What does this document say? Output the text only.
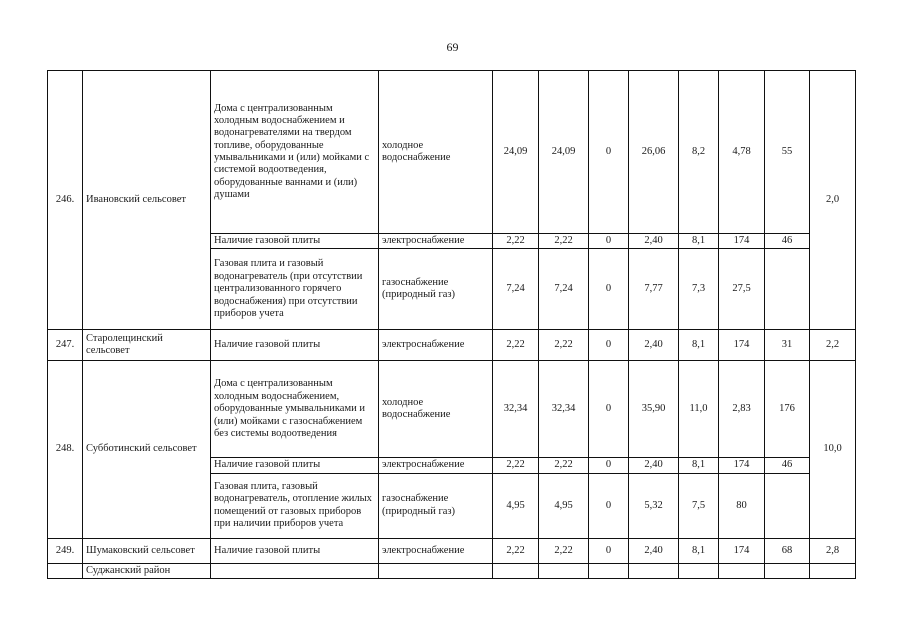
69
246.	Ивановский сельсовет	Дома с централизованным холодным водоснабжением и водонагревателями на твердом топливе, оборудованные умывальниками и (или) мойками с системой водоотведения, оборудованные ваннами и (или) душами	холодное водоснабжение	24,09	24,09	0	26,06	8,2	4,78	55	2,0
		Наличие газовой плиты	электроснабжение	2,22	2,22	0	2,40	8,1	174	46	
		Газовая плита и газовый водонагреватель (при отсутствии централизованного горячего водоснабжения) при отсутствии приборов учета	газоснабжение (природный газ)	7,24	7,24	0	7,77	7,3	27,5		
247.	Старолещинский сельсовет	Наличие газовой плиты	электроснабжение	2,22	2,22	0	2,40	8,1	174	31	2,2
248.	Субботинский сельсовет	Дома с централизованным холодным водоснабжением, оборудованные умывальниками и (или) мойками с газоснабжением без системы водоотведения	холодное водоснабжение	32,34	32,34	0	35,90	11,0	2,83	176	10,0
		Наличие газовой плиты	электроснабжение	2,22	2,22	0	2,40	8,1	174	46	
		Газовая плита, газовый водонагреватель, отопление жилых помещений от газовых приборов при наличии приборов учета	газоснабжение (природный газ)	4,95	4,95	0	5,32	7,5	80		
249.	Шумаковский сельсовет	Наличие газовой плиты	электроснабжение	2,22	2,22	0	2,40	8,1	174	68	2,8
	Суджанский район										
